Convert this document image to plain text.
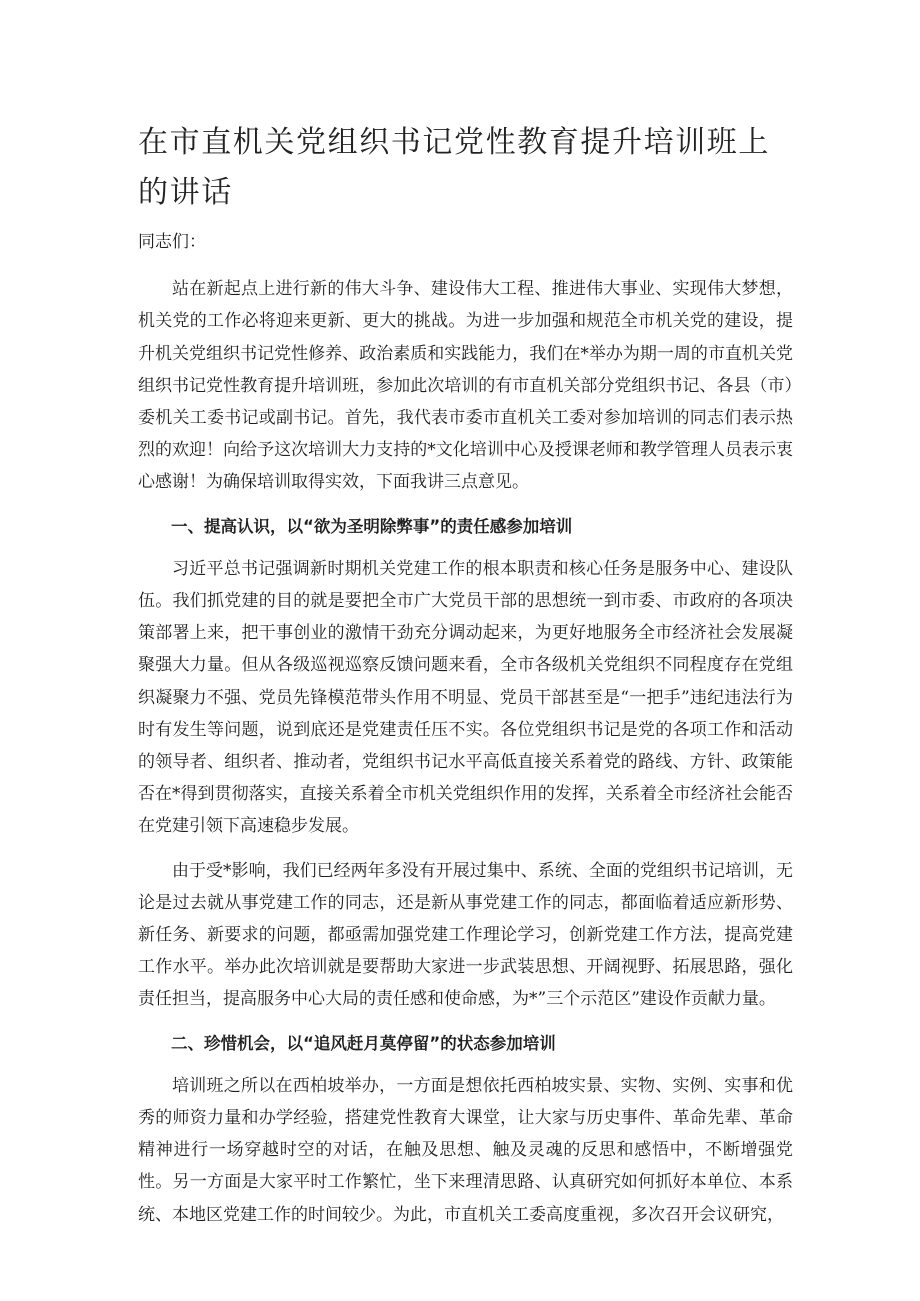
在市直机关党组织书记党性教育提升培训班上的讲话

同志们：

站在新起点上进行新的伟大斗争、建设伟大工程、推进伟大事业、实现伟大梦想，机关党的工作必将迎来更新、更大的挑战。为进一步加强和规范全市机关党的建设，提升机关党组织书记党性修养、政治素质和实践能力，我们在*举办为期一周的市直机关党组织书记党性教育提升培训班，参加此次培训的有市直机关部分党组织书记、各县（市）委机关工委书记或副书记。首先，我代表市委市直机关工委对参加培训的同志们表示热烈的欢迎！向给予这次培训大力支持的*文化培训中心及授课老师和教学管理人员表示衷心感谢！为确保培训取得实效，下面我讲三点意见。

一、提高认识，以“欲为圣明除弊事”的责任感参加培训

习近平总书记强调新时期机关党建工作的根本职责和核心任务是服务中心、建设队伍。我们抓党建的目的就是要把全市广大党员干部的思想统一到市委、市政府的各项决策部署上来，把干事创业的激情干劲充分调动起来，为更好地服务全市经济社会发展凝聚强大力量。但从各级巡视巡察反馈问题来看，全市各级机关党组织不同程度存在党组织凝聚力不强、党员先锋模范带头作用不明显、党员干部甚至是“一把手”违纪违法行为时有发生等问题，说到底还是党建责任压不实。各位党组织书记是党的各项工作和活动的领导者、组织者、推动者，党组织书记水平高低直接关系着党的路线、方针、政策能否在*得到贯彻落实，直接关系着全市机关党组织作用的发挥，关系着全市经济社会能否在党建引领下高速稳步发展。

由于受*影响，我们已经两年多没有开展过集中、系统、全面的党组织书记培训，无论是过去就从事党建工作的同志，还是新从事党建工作的同志，都面临着适应新形势、新任务、新要求的问题，都亟需加强党建工作理论学习，创新党建工作方法，提高党建工作水平。举办此次培训就是要帮助大家进一步武装思想、开阔视野、拓展思路，强化责任担当，提高服务中心大局的责任感和使命感，为*”三个示范区”建设作贡献力量。

二、珍惜机会，以“追风赶月莫停留”的状态参加培训

培训班之所以在西柏坡举办，一方面是想依托西柏坡实景、实物、实例、实事和优秀的师资力量和办学经验，搭建党性教育大课堂，让大家与历史事件、革命先辈、革命精神进行一场穿越时空的对话，在触及思想、触及灵魂的反思和感悟中，不断增强党性。另一方面是大家平时工作繁忙，坐下来理清思路、认真研究如何抓好本单位、本系统、本地区党建工作的时间较少。为此，市直机关工委高度重视，多次召开会议研究，
